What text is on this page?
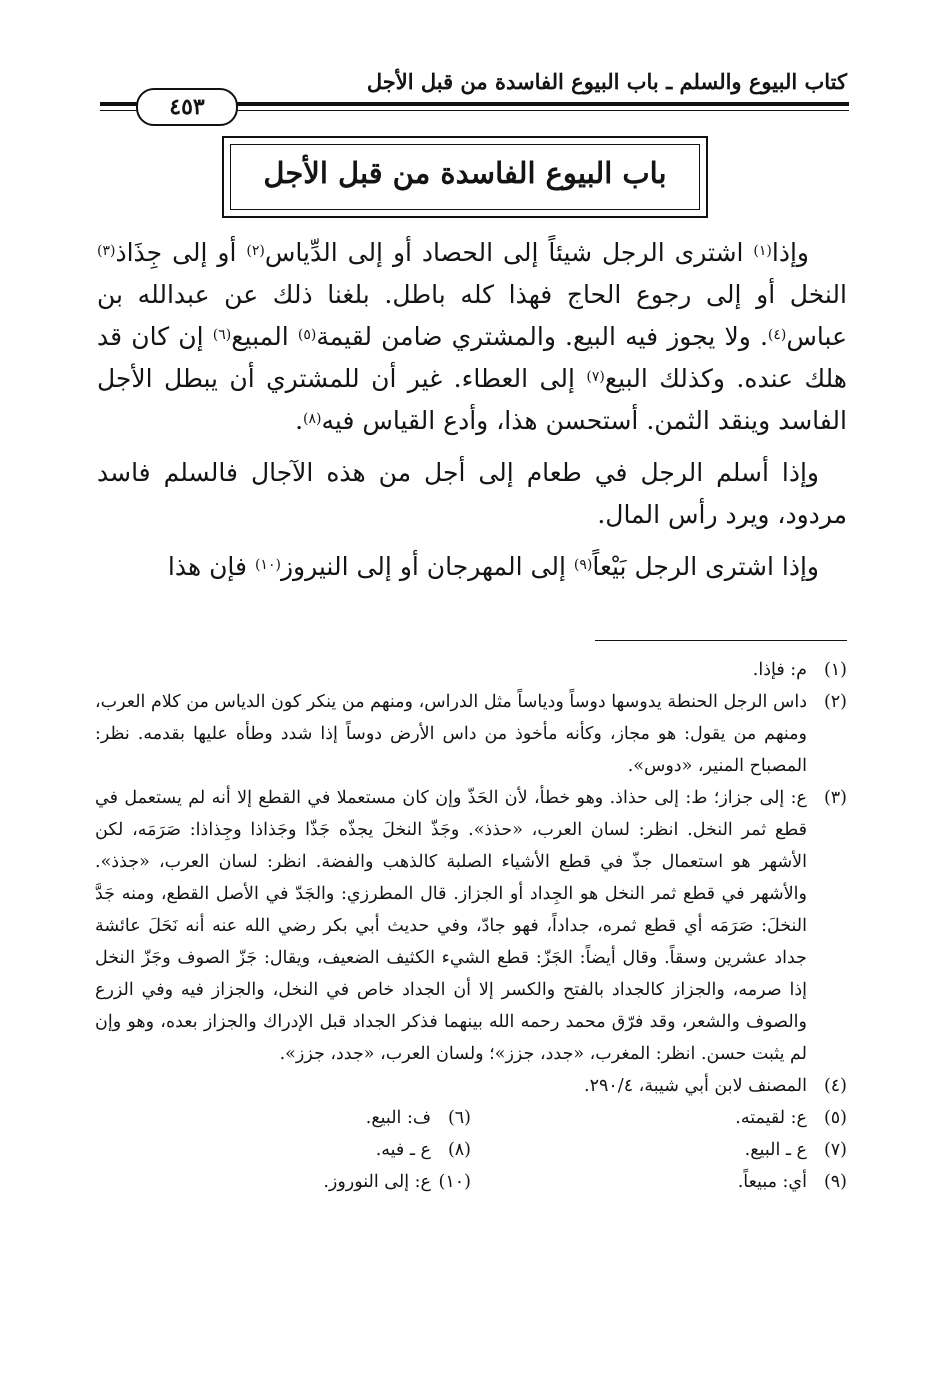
كتاب البيوع والسلم ـ باب البيوع الفاسدة من قبل الأجل
٤٥٣
باب البيوع الفاسدة من قبل الأجل

وإذا$^{(١)}$ اشترى الرجل شيئاً إلى الحصاد أو إلى الدِّياس$^{(٢)}$ أو إلى جِذَاذ$^{(٣)}$ النخل أو إلى رجوع الحاج فهذا كله باطل. بلغنا ذلك عن عبدالله بن عباس$^{(٤)}$. ولا يجوز فيه البيع. والمشتري ضامن لقيمة$^{(٥)}$ المبيع$^{(٦)}$ إن كان قد هلك عنده. وكذلك البيع$^{(٧)}$ إلى العطاء. غير أن للمشتري أن يبطل الأجل الفاسد وينقد الثمن. أستحسن هذا، وأدع القياس فيه$^{(٨)}$.

وإذا أسلم الرجل في طعام إلى أجل من هذه الآجال فالسلم فاسد مردود، ويرد رأس المال.

وإذا اشترى الرجل بَيْعاً$^{(٩)}$ إلى المهرجان أو إلى النيروز$^{(١٠)}$ فإن هذا

(١)
م: فإذا.
(٢)
داس الرجل الحنطة يدوسها دوساً ودياساً مثل الدراس، ومنهم من ينكر كون الدياس من كلام العرب، ومنهم من يقول: هو مجاز، وكأنه مأخوذ من داس الأرض دوساً إذا شدد وطأه عليها بقدمه. نظر: المصباح المنير، «دوس».
(٣)
ع: إلى جزاز؛ ط: إلى حذاذ. وهو خطأ، لأن الحَذّ وإن كان مستعملا في القطع إلا أنه لم يستعمل في قطع ثمر النخل. انظر: لسان العرب، «حذذ». وجَذّ النخلَ يجذّه جَذّا وجَذاذا وجِذاذا: صَرَمَه، لكن الأشهر هو استعمال جذّ في قطع الأشياء الصلبة كالذهب والفضة. انظر: لسان العرب، «جذذ». والأشهر في قطع ثمر النخل هو الجِداد أو الجزاز. قال المطرزي: والجَدّ في الأصل القطع، ومنه جَدَّ النخلَ: صَرَمَه أي قطع ثمره، جداداً، فهو جادّ، وفي حديث أبي بكر رضي الله عنه أنه نَحَلَ عائشة جداد عشرين وسقاً. وقال أيضاً: الجَزّ: قطع الشيء الكثيف الضعيف، ويقال: جَزّ الصوف وجَزّ النخل إذا صرمه، والجزاز كالجداد بالفتح والكسر إلا أن الجداد خاص في النخل، والجزاز فيه وفي الزرع والصوف والشعر، وقد فرّق محمد رحمه الله بينهما فذكر الجداد قبل الإدراك والجزاز بعده، وهو وإن لم يثبت حسن. انظر: المغرب، «جدد، جزز»؛ ولسان العرب، «جدد، جزز».
(٤)
المصنف لابن أبي شيبة، ٢٩٠/٤.
(٥)
ع: لقيمته.
(٧)
ع ـ البيع.
(٩)
أي: مبيعاً.
(٦)
ف: البيع.
(٨)
ع ـ فيه.
(١٠)
ع: إلى النوروز.
